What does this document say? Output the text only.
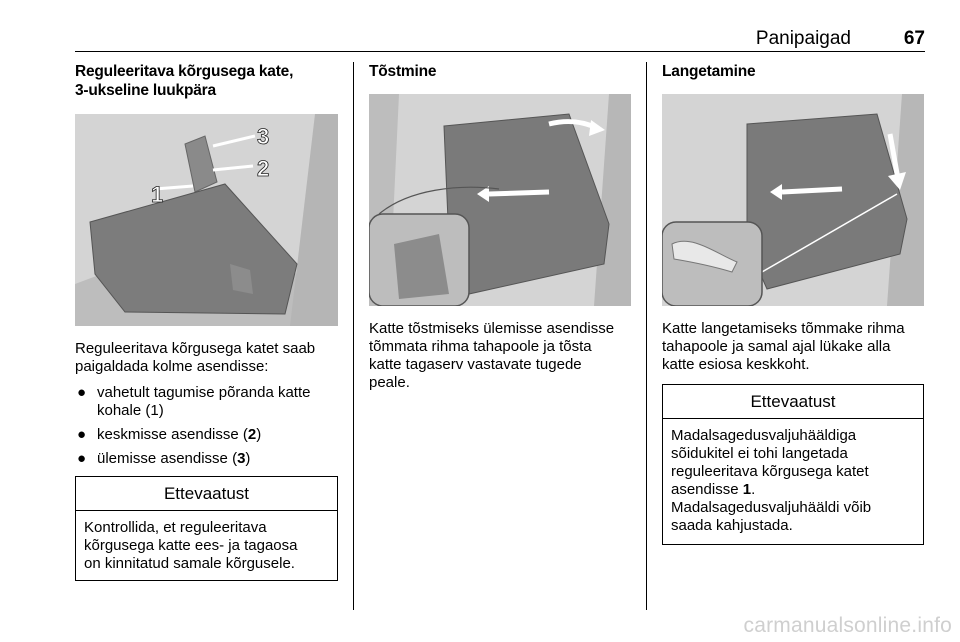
Panipaigad	67
Reguleeritava kõrgusega kate,
3-ukseline luukpära
1
2
3
Reguleeritava kõrgusega katet saab
paigaldada kolme asendisse:
● vahetult tagumise põranda katte
kohale (1)
● keskmisse asendisse (2)
● ülemisse asendisse (3)
Ettevaatust
Kontrollida, et reguleeritava
kõrgusega katte ees- ja tagaosa
on kinnitatud samale kõrgusele.
Tõstmine
Katte tõstmiseks ülemisse asendisse
tõmmata rihma tahapoole ja tõsta
katte tagaserv vastavate tugede
peale.
Langetamine
Katte langetamiseks tõmmake rihma
tahapoole ja samal ajal lükake alla
katte esiosa keskkoht.
Ettevaatust
Madalsagedusvaljuhääldiga
sõidukitel ei tohi langetada
reguleeritava kõrgusega katet
asendisse 1.
Madalsagedusvaljuhääldi võib
saada kahjustada.
carmanualsonline.info
